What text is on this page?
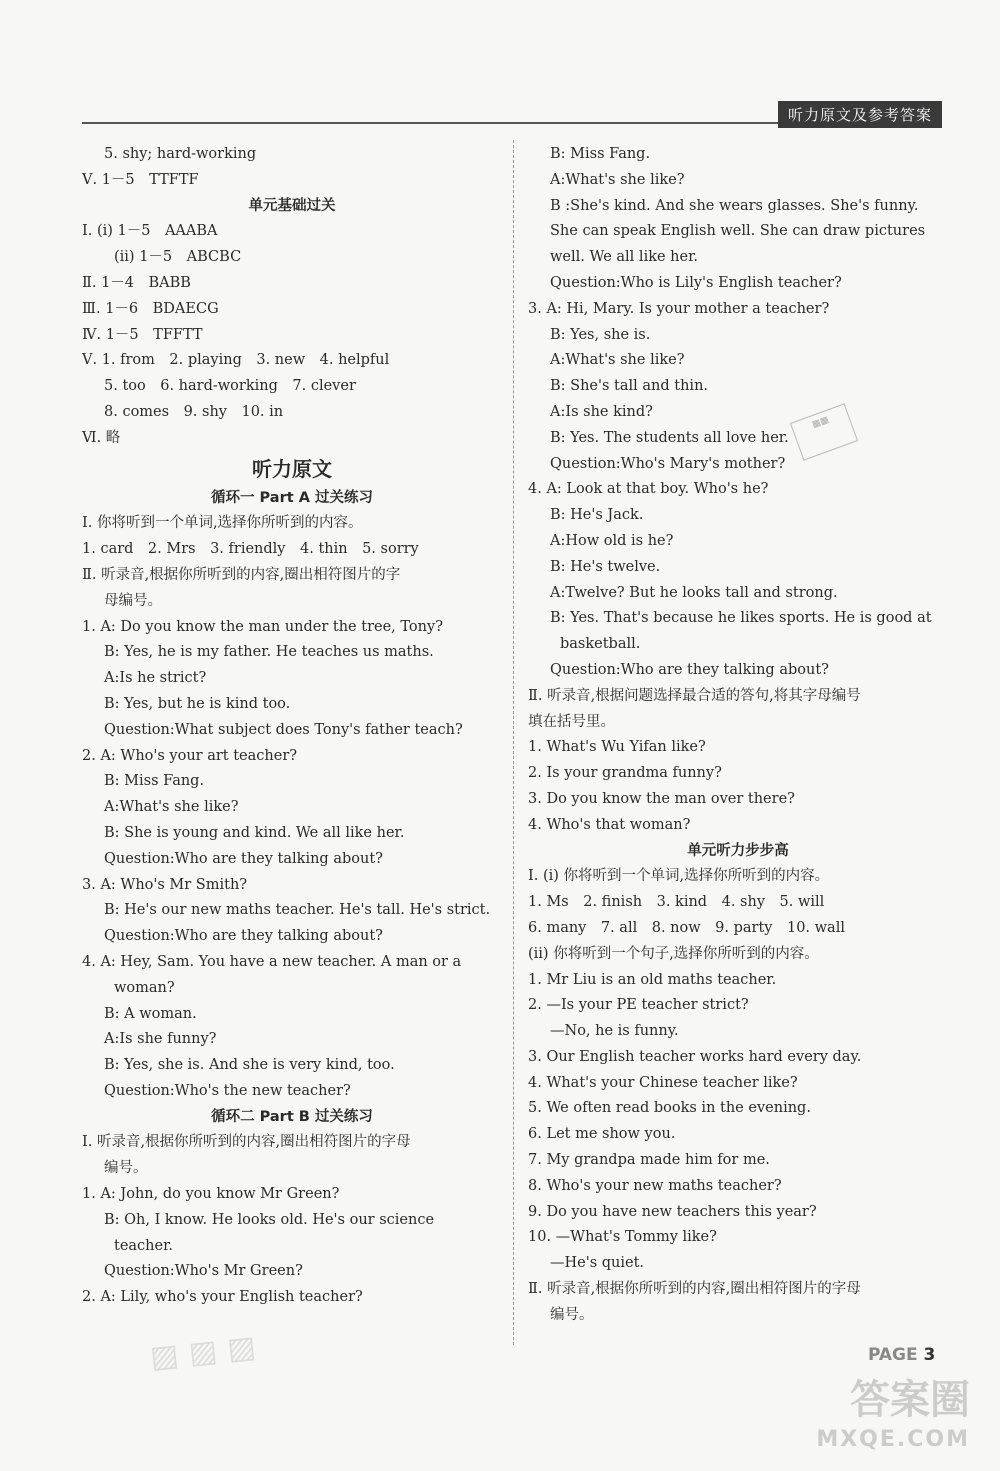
听力原文及参考答案
5. shy; hard-working
Ⅴ. 1－5　TTFTF
单元基础过关
Ⅰ. (i) 1－5　AAABA
(ii) 1－5　ABCBC
Ⅱ. 1－4　BABB
Ⅲ. 1－6　BDAECG
Ⅳ. 1－5　TFFTT
Ⅴ. 1. from　2. playing　3. new　4. helpful
5. too　6. hard-working　7. clever
8. comes　9. shy　10. in
Ⅵ. 略
听力原文
循环一 Part A 过关练习
Ⅰ. 你将听到一个单词,选择你所听到的内容。
1. card　2. Mrs　3. friendly　4. thin　5. sorry
Ⅱ. 听录音,根据你所听到的内容,圈出相符图片的字
母编号。
1. A: Do you know the man under the tree, Tony?
B: Yes, he is my father. He teaches us maths.
A:Is he strict?
B: Yes, but he is kind too.
Question:What subject does Tony's father teach?
2. A: Who's your art teacher?
B: Miss Fang.
A:What's she like?
B: She is young and kind. We all like her.
Question:Who are they talking about?
3. A: Who's Mr Smith?
B: He's our new maths teacher. He's tall. He's strict.
Question:Who are they talking about?
4. A: Hey, Sam. You have a new teacher. A man or a
woman?
B: A woman.
A:Is she funny?
B: Yes, she is. And she is very kind, too.
Question:Who's the new teacher?
循环二 Part B 过关练习
Ⅰ. 听录音,根据你所听到的内容,圈出相符图片的字母
编号。
1. A: John, do you know Mr Green?
B: Oh, I know. He looks old. He's our science
teacher.
Question:Who's Mr Green?
2. A: Lily, who's your English teacher?
B: Miss Fang.
A:What's she like?
B :She's kind. And she wears glasses. She's funny.
She can speak English well. She can draw pictures
well. We all like her.
Question:Who is Lily's English teacher?
3. A: Hi, Mary. Is your mother a teacher?
B: Yes, she is.
A:What's she like?
B: She's tall and thin.
A:Is she kind?
B: Yes. The students all love her.
Question:Who's Mary's mother?
4. A: Look at that boy. Who's he?
B: He's Jack.
A:How old is he?
B: He's twelve.
A:Twelve? But he looks tall and strong.
B: Yes. That's because he likes sports. He is good at
basketball.
Question:Who are they talking about?
Ⅱ. 听录音,根据问题选择最合适的答句,将其字母编号
填在括号里。
1. What's Wu Yifan like?
2. Is your grandma funny?
3. Do you know the man over there?
4. Who's that woman?
单元听力步步高
Ⅰ. (i) 你将听到一个单词,选择你所听到的内容。
1. Ms　2. finish　3. kind　4. shy　5. will
6. many　7. all　8. now　9. party　10. wall
(ii) 你将听到一个句子,选择你所听到的内容。
1. Mr Liu is an old maths teacher.
2. —Is your PE teacher strict?
—No, he is funny.
3. Our English teacher works hard every day.
4. What's your Chinese teacher like?
5. We often read books in the evening.
6. Let me show you.
7. My grandpa made him for me.
8. Who's your new maths teacher?
9. Do you have new teachers this year?
10. —What's Tommy like?
—He's quiet.
Ⅱ. 听录音,根据你所听到的内容,圈出相符图片的字母
编号。
▦▦
▨ ▨ ▨	PAGE 3
答案圈
MXQE.COM
